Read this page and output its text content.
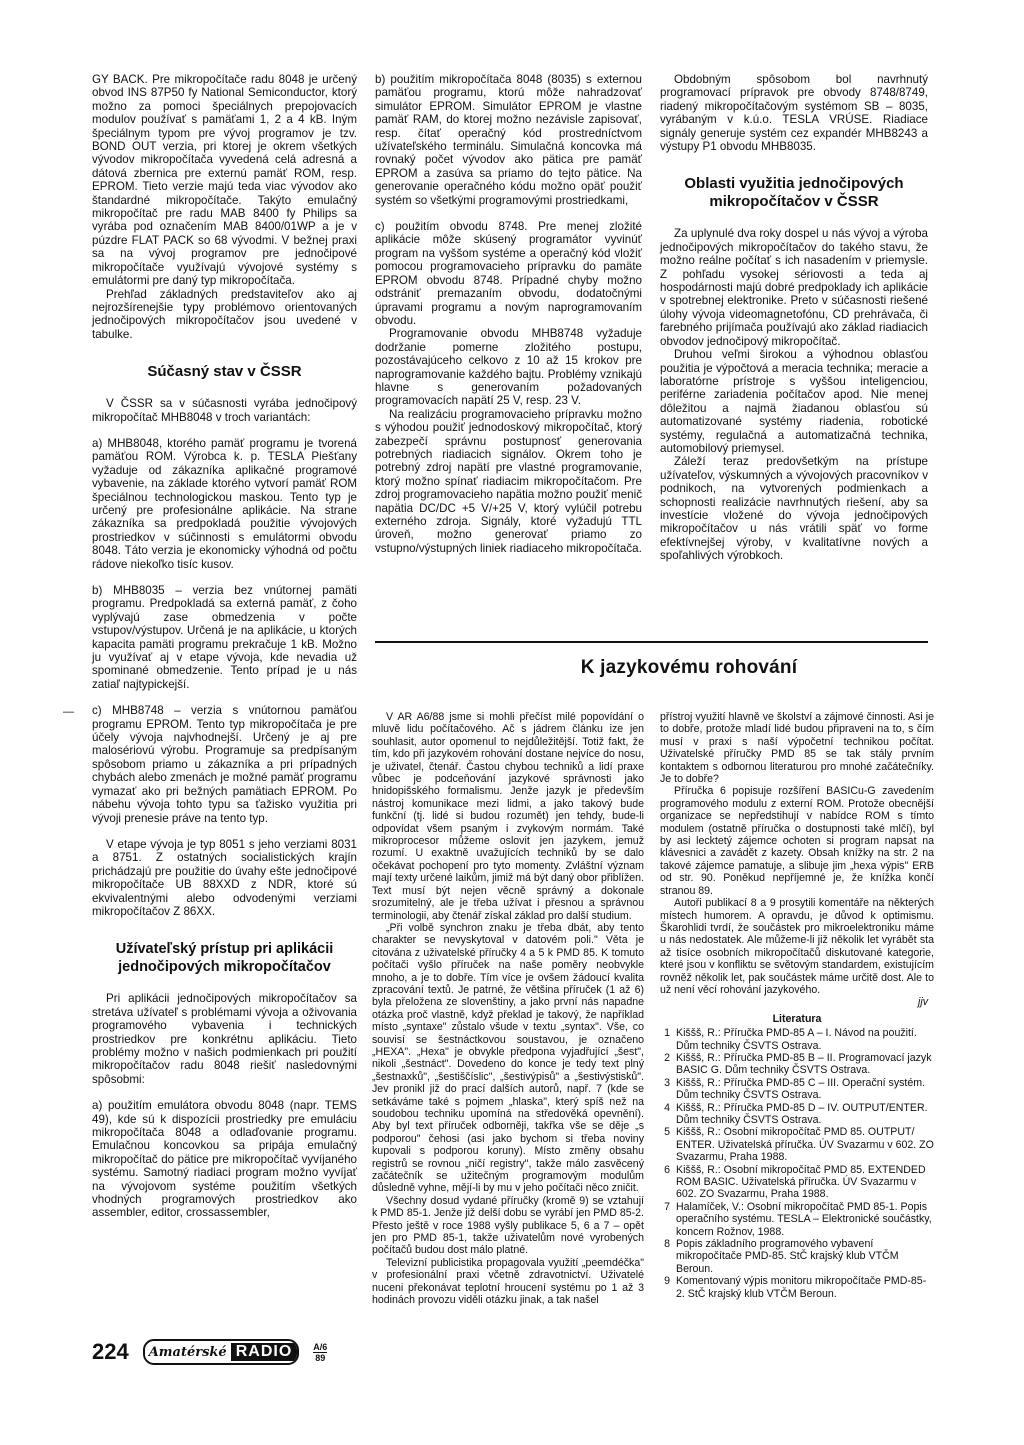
GY BACK. Pre mikropočítače radu 8048 je určený obvod INS 87P50 fy National Semiconductor, ktorý možno za pomoci špeciálnych prepojovacích modulov používať s pamäťami 1, 2 a 4 kB. Iným špeciálnym typom pre vývoj programov je tzv. BOND OUT verzia, pri ktorej je okrem všetkých vývodov mikropočítača vyvedená celá adresná a dátová zbernica pre externú pamäť ROM, resp. EPROM. Tieto verzie majú teda viac vývodov ako štandardné mikropočítače. Takýto emulačný mikropočítač pre radu MAB 8400 fy Philips sa vyrába pod označením MAB 8400/01WP a je v púzdre FLAT PACK so 68 vývodmi. V bežnej praxi sa na vývoj programov pre jednočipové mikropočítače využívajú vývojové systémy s emulátormi pre daný typ mikropočítača.

Prehľad základných predstaviteľov ako aj nejrozšírenejšie typy problémovo orientovaných jednočipových mikropočítačov jsou uvedené v tabulke.

Súčasný stav v ČSSR

V ČSSR sa v súčasnosti vyrába jednočipový mikropočítač MHB8048 v troch variantách:

a) MHB8048, ktorého pamäť programu je tvorená pamäťou ROM. Výrobca k. p. TESLA Piešťany vyžaduje od zákazníka aplikačné programové vybavenie, na základe ktorého vytvorí pamäť ROM špeciálnou technologickou maskou. Tento typ je určený pre profesionálne aplikácie. Na strane zákazníka sa predpokladá použitie vývojových prostriedkov v súčinnosti s emulátormi obvodu 8048. Táto verzia je ekonomicky výhodná od počtu rádove niekoľko tisíc kusov.

b) MHB8035 – verzia bez vnútornej pamäti programu. Predpokladá sa externá pamäť, z čoho vyplývajú zase obmedzenia v počte vstupov/výstupov. Určená je na aplikácie, u ktorých kapacita pamäti programu prekračuje 1 kB. Možno ju využívať aj v etape vývoja, kde nevadia už spominané obmedzenie. Tento prípad je u nás zatiaľ najtypickejší.

c) MHB8748 – verzia s vnútornou pamäťou programu EPROM. Tento typ mikropočítača je pre účely vývoja najvhodnejší. Určený je aj pre malosériovú výrobu. Programuje sa predpísaným spôsobom priamo u zákazníka a pri prípadných chybách alebo zmenách je možné pamäť programu vymazať ako pri bežných pamätiach EPROM. Po nábehu vývoja tohto typu sa ťažisko využitia pri vývoji prenesie práve na tento typ.

V etape vývoja je typ 8051 s jeho verziami 8031 a 8751. Z ostatných socialistických krajín prichádzajú pre použitie do úvahy ešte jednočipové mikropočítače UB 88XXD z NDR, ktoré sú ekvivalentnými alebo odvodenými verziami mikropočítačov Z 86XX.

Užívateľský prístup pri aplikácii jednočipových mikropočítačov

Pri aplikácii jednočipových mikropočítačov sa stretáva užívateľ s problémami vývoja a oživovania programového vybavenia i technických prostriedkov pre konkrétnu aplikáciu. Tieto problémy možno v našich podmienkach pri použití mikropočítačov radu 8048 riešiť nasledovnými spôsobmi:

a) použitím emulátora obvodu 8048 (napr. TEMS 49), kde sú k dispozícii prostriedky pre emuláciu mikropočítača 8048 a odlaďovanie programu. Emulačnou koncovkou sa pripája emulačný mikropočítač do pätice pre mikropočítač vyvíjaného systému. Samotný riadiaci program možno vyvíjať na vývojovom systéme použitím všetkých vhodných programových prostriedkov ako assembler, editor, crossassembler,

—

b) použitím mikropočítača 8048 (8035) s externou pamäťou programu, ktorú môže nahradzovať simulátor EPROM. Simulátor EPROM je vlastne pamäť RAM, do ktorej možno nezávisle zapisovať, resp. čítať operačný kód prostredníctvom užívateľského terminálu. Simulačná koncovka má rovnaký počet vývodov ako pätica pre pamäť EPROM a zasúva sa priamo do tejto pätice. Na generovanie operačného kódu možno opäť použiť systém so všetkými programovými prostriedkami,

c) použitím obvodu 8748. Pre menej zložité aplikácie môže skúsený programátor vyvinúť program na vyššom systéme a operačný kód vložiť pomocou programovacieho prípravku do pamäte EPROM obvodu 8748. Prípadné chyby možno odstrániť premazaním obvodu, dodatočnými úpravami programu a novým naprogramovaním obvodu.

Programovanie obvodu MHB8748 vyžaduje dodržanie pomerne zložitého postupu, pozostávajúceho celkovo z 10 až 15 krokov pre naprogramovanie každého bajtu. Problémy vznikajú hlavne s generovaním požadovaných programovacích napätí 25 V, resp. 23 V.

Na realizáciu programovacieho prípravku možno s výhodou použiť jednodoskový mikropočítač, ktorý zabezpečí správnu postupnosť generovania potrebných riadiacich signálov. Okrem toho je potrebný zdroj napätí pre vlastné programovanie, ktorý možno spínať riadiacim mikropočítačom. Pre zdroj programovacieho napätia možno použiť menič napätia DC/DC +5 V/+25 V, ktorý vylúčil potrebu externého zdroja. Signály, ktoré vyžadujú TTL úroveň, možno generovať priamo zo vstupno/výstupných liniek riadiaceho mikropočítača.

Obdobným spôsobom bol navrhnutý programovací prípravok pre obvody 8748/8749, riadený mikropočítačovým systémom SB – 8035, vyrábaným v k.ú.o. TESLA VRÚSE. Riadiace signály generuje systém cez expandér MHB8243 a výstupy P1 obvodu MHB8035.

Oblasti využitia jednočipových mikropočítačov v ČSSR

Za uplynulé dva roky dospel u nás vývoj a výroba jednočipových mikropočítačov do takého stavu, že možno reálne počítať s ich nasadením v priemysle. Z pohľadu vysokej sériovosti a teda aj hospodárnosti majú dobré predpoklady ich aplikácie v spotrebnej elektronike. Preto v súčasnosti riešené úlohy vývoja videomagnetofónu, CD prehrávača, či farebného prijímača používajú ako základ riadiacich obvodov jednočipový mikropočítač.

Druhou veľmi širokou a výhodnou oblasťou použitia je výpočtová a meracia technika; meracie a laboratórne prístroje s vyššou inteligenciou, periférne zariadenia počítačov apod. Nie menej dôležitou a najmä žiadanou oblasťou sú automatizované systémy riadenia, robotické systémy, regulačná a automatizačná technika, automobilový priemysel.

Záleží teraz predovšetkým na prístupe užívateľov, výskumných a vývojových pracovníkov v podnikoch, na vytvorených podmienkach a schopnosti realizácie navrhnutých riešení, aby sa investície vložené do vývoja jednočipových mikropočítačov u nás vrátili späť vo forme efektívnejšej výroby, v kvalitatívne nových a spoľahlivých výrobkoch.

K jazykovému rohování

V AR A6/88 jsme si mohli přečíst milé popovídání o mluvě lidu počítačového. Ač s jádrem článku ize jen souhlasit, autor opomenul to nejdůležitější. Totiž fakt, že tím, kdo při jazykovém rohování dostane nejvíce do nosu, je uživatel, čtenář. Častou chybou techniků a lidí praxe vůbec je podceňování jazykové správnosti jako hnidopišského formalismu. Jenže jazyk je především nástroj komunikace mezi lidmi, a jako takový bude funkční (tj. lidé si budou rozumět) jen tehdy, bude-li odpovídat všem psaným i zvykovým normám. Také mikroprocesor můžeme oslovit jen jazykem, jemuž rozumí. U exaktně uvažujících techniků by se dalo očekávat pochopení pro tyto momenty. Zvláštní význam mají texty určené laikům, jimiž má být daný obor přiblížen. Text musí být nejen věcně správný a dokonale srozumitelný, ale je třeba užívat i přesnou a správnou terminologii, aby čtenář získal základ pro další studium.

„Při volbě synchron znaku je třeba dbát, aby tento charakter se nevyskytoval v datovém poli." Věta je citována z uživatelské příručky 4 a 5 k PMD 85. K tomuto počítači vyšlo příruček na naše poměry neobvykle mnoho, a je to dobře. Tím více je ovšem žádoucí kvalita zpracování textů. Je patrné, že většina příruček (1 až 6) byla přeložena ze slovenštiny, a jako první nás napadne otázka proč vlastně, když překlad je takový, že například místo „syntaxe" zůstalo všude v textu „syntax". Vše, co souvisí se šestnáctkovou soustavou, je označeno „HEXA". „Hexa" je obvykle předpona vyjadřující „šest", nikoli „šestnáct". Dovedeno do konce je tedy text plný „šestnaxků", „šestiščíslic", „šestivýpisů" a „šestivýstisků". Jev pronikl již do prací dalších autorů, např. 7 (kde se setkáváme také s pojmem „hlaska", který spíš než na soudobou techniku upomíná na středověká opevnění). Aby byl text příruček odborněji, takřka vše se děje „s podporou" čehosi (asi jako bychom si třeba noviny kupovali s podporou koruny). Místo změny obsahu registrů se rovnou „ničí registry", takže málo zasvěcený začátečník se užitečným programovým modulům důsledně vyhne, mějí-li by mu v jeho počítači něco zničit.

Všechny dosud vydané příručky (kromě 9) se vztahují k PMD 85-1. Jenže již delší dobu se vyrábí jen PMD 85-2. Přesto ještě v roce 1988 vyšly publikace 5, 6 a 7 – opět jen pro PMD 85-1, takže uživatelům nové vyrobených počítačů budou dost málo platné.

Televizní publicistika propagovala využití „peemdéčka" v profesionální praxi včetně zdravotnictví. Uživatelé nuceni překonávat teplotní hroucení systému po 1 až 3 hodinách provozu viděli otázku jinak, a tak našel

přístroj využití hlavně ve školství a zájmové činnosti. Asi je to dobře, protože mladí lidé budou připraveni na to, s čím musí v praxi s naší výpočetní technikou počítat. Uživatelské příručky PMD 85 se tak stály prvním kontaktem s odbornou literaturou pro mnohé začátečníky. Je to dobře?

Příručka 6 popisuje rozšíření BASICu-G zavedením programového modulu z externí ROM. Protože obecnější organizace se nepředstihují v nabídce ROM s tímto modulem (ostatně příručka o dostupnosti také mlčí), byl by asi lecktetý zájemce ochoten si program napsat na klávesnici a zavádět z kazety. Obsah knížky na str. 2 na takové zájemce pamatuje, a slibuje jim „hexa výpis" ERB od str. 90. Poněkud nepříjemné je, že knížka končí stranou 89.

Autoři publikací 8 a 9 prosytili komentáře na některých místech humorem. A opravdu, je důvod k optimismu. Škarohlidi tvrdí, že součástek pro mikroelektroniku máme u nás nedostatek. Ale můžeme-li již několik let vyrábět sta až tisíce osobních mikropočítačů diskutované kategorie, které jsou v konfliktu se světovým standardem, existujícím rovněž několik let, pak součástek máme určitě dost. Ale to už není věcí rohování jazykového.

jjv
Literatura
1 Kiššš, R.: Příručka PMD-85 A – I. Návod na použití. Dům techniky ČSVTS Ostrava.
2 Kiššš, R.: Příručka PMD-85 B – II. Programovací jazyk BASIC G. Dům techniky ČSVTS Ostrava.
3 Kiššš, R.: Příručka PMD-85 C – III. Operační systém. Dům techniky ČSVTS Ostrava.
4 Kiššš, R.: Příručka PMD-85 D – IV. OUTPUT/ENTER. Dům techniky ČSVTS Ostrava.
5 Kiššš, R.: Osobní mikropočítač PMD 85. OUTPUT/ ENTER. Uživatelská příručka. ÚV Svazarmu v 602. ZO Svazarmu, Praha 1988.
6 Kiššš, R.: Osobní mikropočítač PMD 85. EXTENDED ROM BASIC. Uživatelská příručka. ÚV Svazarmu v 602. ZO Svazarmu, Praha 1988.
7 Halamíček, V.: Osobní mikropočítač PMD 85-1. Popis operačního systému. TESLA – Elektronické součástky, koncern Rožnov, 1988.
8 Popis základního programového vybavení mikropočítače PMD-85. StČ krajský klub VTČM Beroun.
9 Komentovaný výpis monitoru mikropočítače PMD-85-2. StČ krajský klub VTČM Beroun.
224	Amatérské RADIO	A/6
89
